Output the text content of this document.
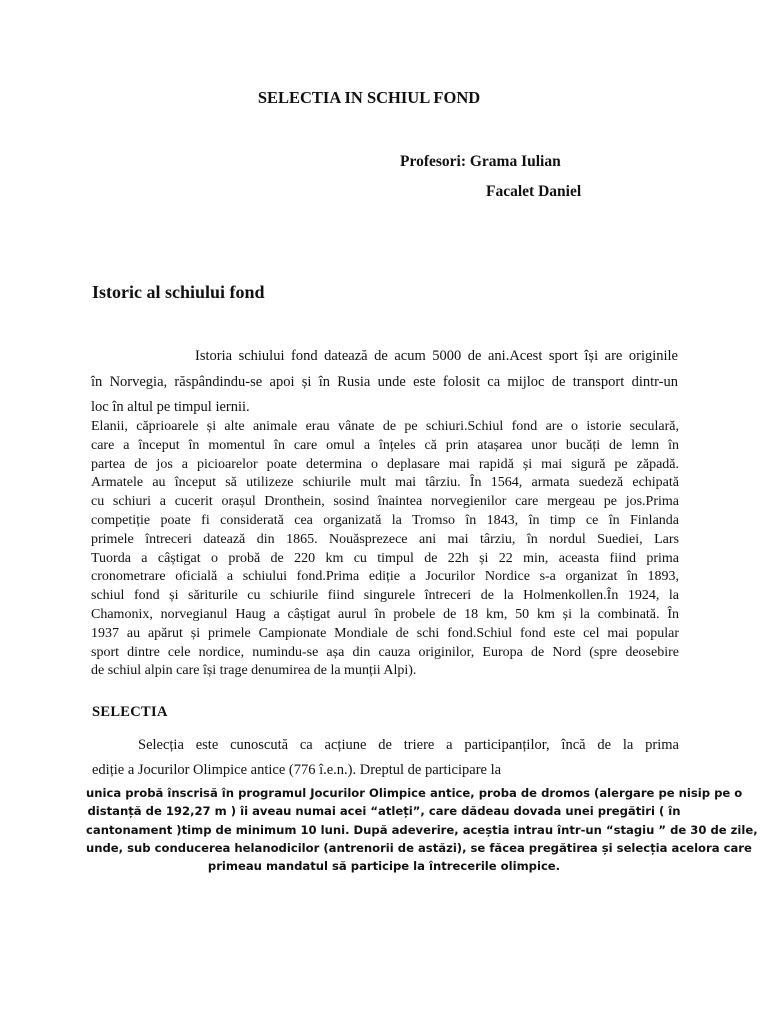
SELECTIA IN SCHIUL FOND
Profesori: Grama Iulian
Facalet Daniel
Istoric al schiului fond
Istoria schiului fond datează de acum 5000 de ani.Acest sport își are originile
în Norvegia, răspândindu-se apoi și în Rusia unde este folosit ca mijloc de transport dintr-un
loc în altul pe timpul iernii.
Elanii, căprioarele și alte animale erau vânate de pe schiuri.Schiul fond are o istorie seculară,
care a început în momentul în care omul a înțeles că prin atașarea unor bucăți de lemn în
partea de jos a picioarelor poate determina o deplasare mai rapidă și mai sigură pe zăpadă.
Armatele au început să utilizeze schiurile mult mai târziu. În 1564, armata suedeză echipată
cu schiuri a cucerit orașul Dronthein, sosind înaintea norvegienilor care mergeau pe jos.Prima
competiție poate fi considerată cea organizată la Tromso în 1843, în timp ce în Finlanda
primele întreceri datează din 1865. Nouăsprezece ani mai târziu, în nordul Suediei, Lars
Tuorda a câștigat o probă de 220 km cu timpul de 22h și 22 min, aceasta fiind prima
cronometrare oficială a schiului fond.Prima ediție a Jocurilor Nordice s-a organizat în 1893,
schiul fond și săriturile cu schiurile fiind singurele întreceri de la Holmenkollen.În 1924, la
Chamonix, norvegianul Haug a câștigat aurul în probele de 18 km, 50 km și la combinată. În
1937 au apărut și primele Campionate Mondiale de schi fond.Schiul fond este cel mai popular
sport dintre cele nordice, numindu-se așa din cauza originilor, Europa de Nord (spre deosebire
de schiul alpin care își trage denumirea de la munții Alpi).
SELECTIA
Selecția este cunoscută ca acțiune de triere a participanților, încă de la prima
ediție a Jocurilor Olimpice antice (776 î.e.n.). Dreptul de participare la
unica probă înscrisă în programul Jocurilor Olimpice antice, proba de dromos (alergare pe nisip pe o
distanță de 192,27 m ) îi aveau numai acei “atleți”, care dădeau dovada unei pregătiri ( în
cantonament )timp de minimum 10 luni. După adeverire, aceștia intrau într-un “stagiu ” de 30 de zile,
unde, sub conducerea helanodicilor (antrenorii de astăzi), se făcea pregătirea și selecția acelora care
primeau mandatul să participe la întrecerile olimpice.
